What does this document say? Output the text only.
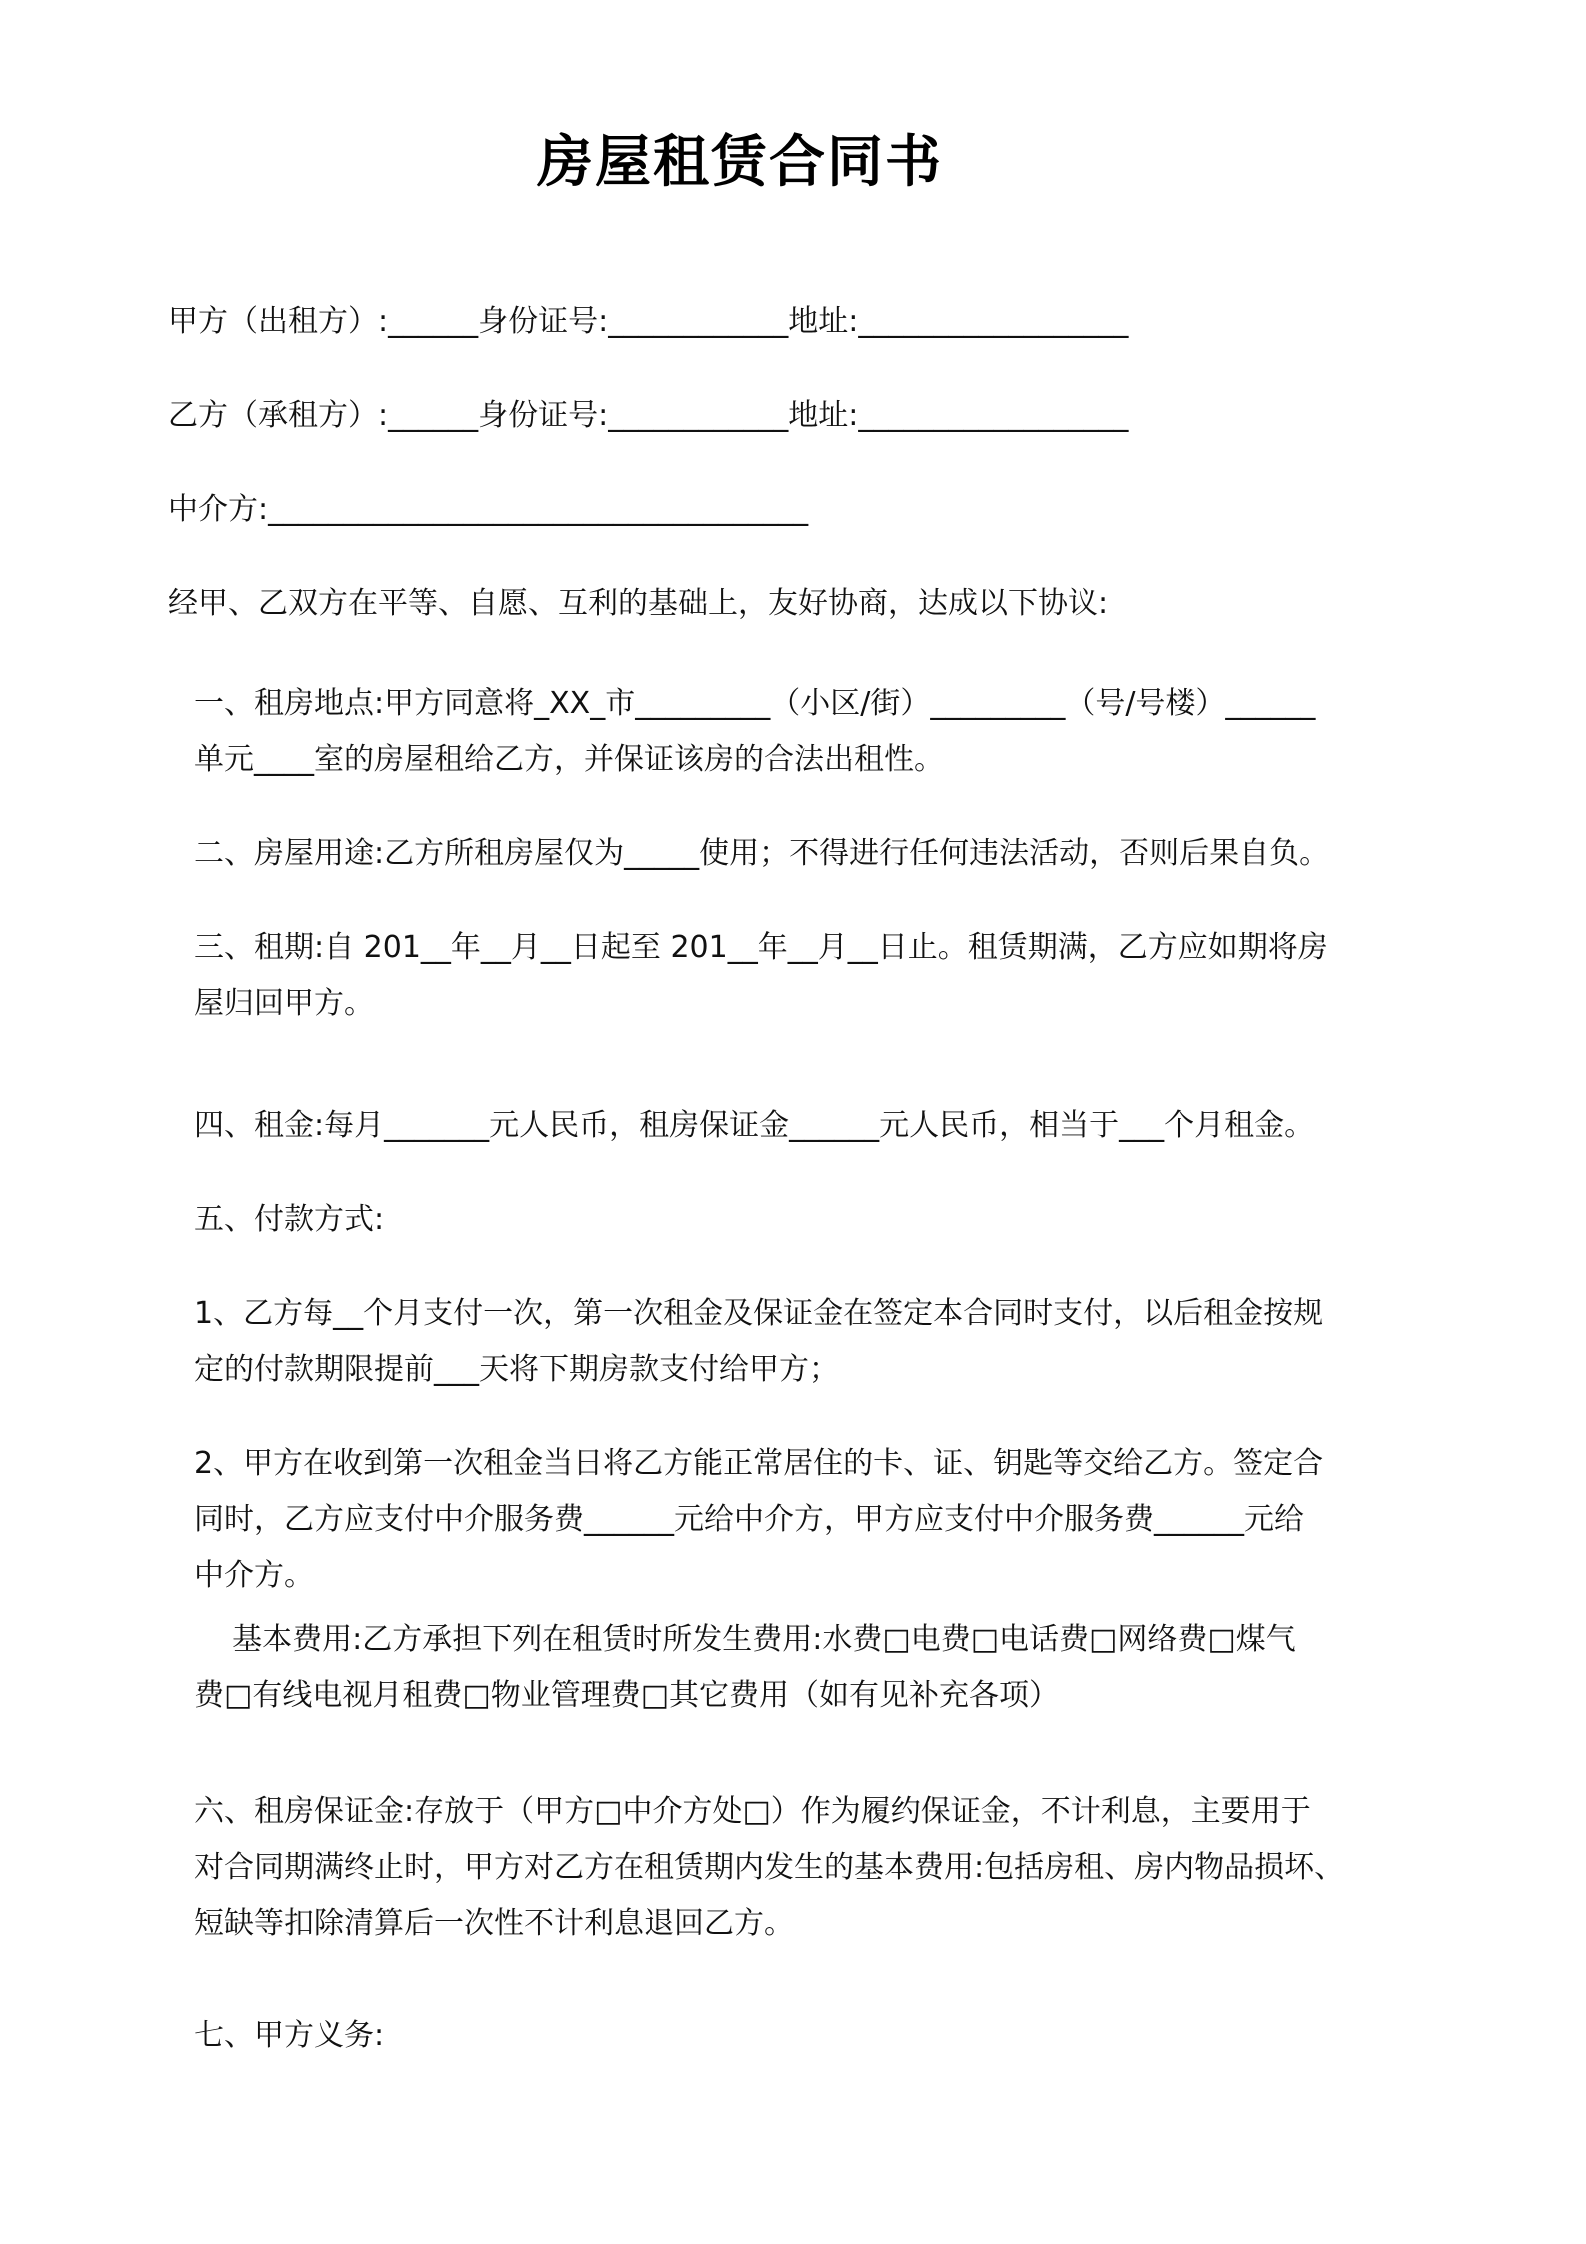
房屋租赁合同书
甲方（出租方）:______身份证号:____________地址:__________________
乙方（承租方）:______身份证号:____________地址:__________________
中介方:____________________________________
经甲、乙双方在平等、自愿、互利的基础上，友好协商，达成以下协议:
一、租房地点:甲方同意将_XX_市_________（小区/街）_________（号/号楼）______
单元____室的房屋租给乙方，并保证该房的合法出租性。
二、房屋用途:乙方所租房屋仅为_____使用；不得进行任何违法活动，否则后果自负。
三、租期:自 201__年__月__日起至 201__年__月__日止。租赁期满，乙方应如期将房
屋归回甲方。
四、租金:每月_______元人民币，租房保证金______元人民币，相当于___个月租金。
五、付款方式:
1、乙方每__个月支付一次，第一次租金及保证金在签定本合同时支付，以后租金按规
定的付款期限提前___天将下期房款支付给甲方；
2、甲方在收到第一次租金当日将乙方能正常居住的卡、证、钥匙等交给乙方。签定合
同时，乙方应支付中介服务费______元给中介方，甲方应支付中介服务费______元给
中介方。
基本费用:乙方承担下列在租赁时所发生费用:水费□电费□电话费□网络费□煤气
费□有线电视月租费□物业管理费□其它费用（如有见补充各项）
六、租房保证金:存放于（甲方□中介方处□）作为履约保证金，不计利息，主要用于
对合同期满终止时，甲方对乙方在租赁期内发生的基本费用:包括房租、房内物品损坏、
短缺等扣除清算后一次性不计利息退回乙方。
七、甲方义务:
